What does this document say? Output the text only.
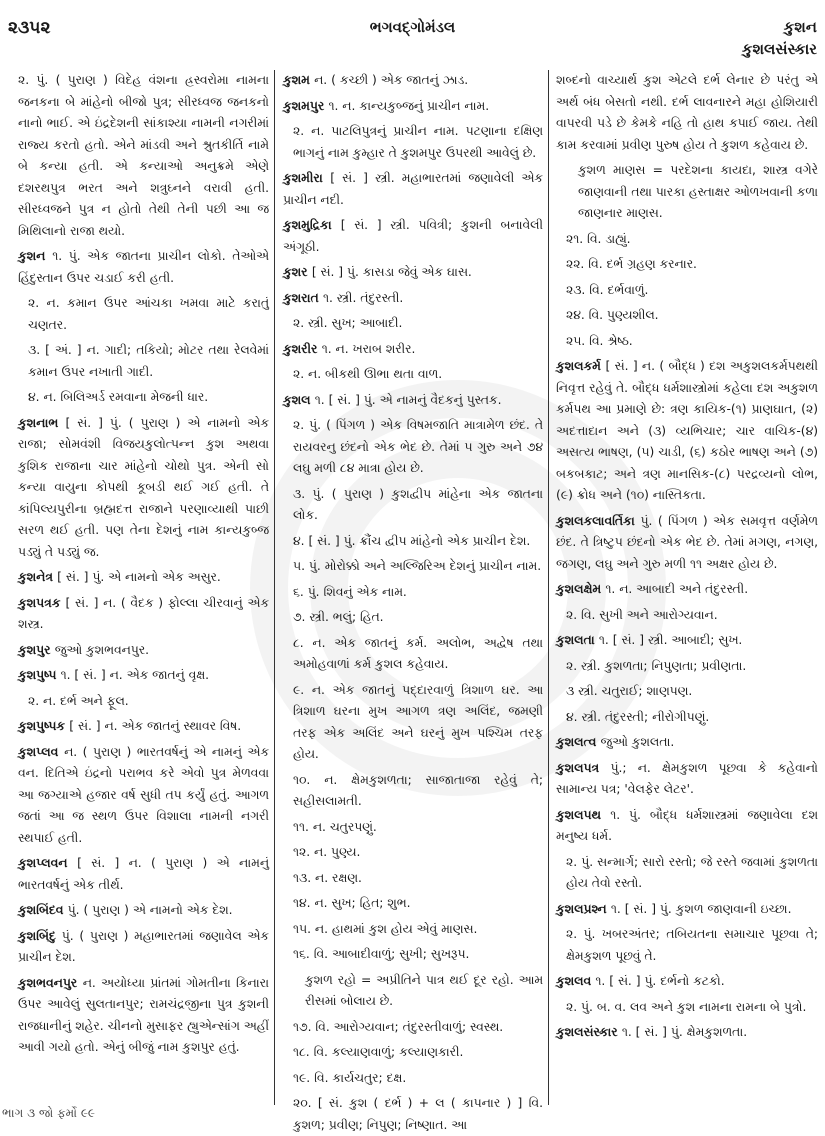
૨૩૫૨	ભગવદ્ગોમંડલ	કુશન
કુશલસંસ્કાર
૨. પું. ( પુરાણ ) વિદેહ વંશના હ્રસ્વરોમા નામના જનકના બે માંહેનો બીજો પુત્ર; સીરધ્વજ જનકનો નાનો ભાઈ. એ ઇંદ્રદેશની સાંકાશ્યા નામની નગરીમાં રાજ્ય કરતો હતો. એને માંડવી અને શ્રુતકીર્તિ નામે બે કન્યા હતી. એ કન્યાઓ અનુક્રમે એણે દશરથપુત્ર ભરત અને શત્રુઘ્નને વરાવી હતી. સીરધ્વજને પુત્ર ન હોતો તેથી તેની પછી આ જ મિથિલાનો રાજા થયો.
કુશન ૧. પું. એક જાતના પ્રાચીન લોકો. તેઓએ હિંદુસ્તાન ઉપર ચડાઈ કરી હતી.
૨. ન. કમાન ઉપર આંચકા ખમવા માટે કરાતું ચણતર.
૩. [ અં. ] ન. ગાદી; તકિયો; મોટર તથા રેલવેમાં કમાન ઉપર નખાતી ગાદી.
૪. ન. બિલિઅર્ડ રમવાના મેજની ધાર.
કુશનાભ [ સં. ] પું. ( પુરાણ ) એ નામનો એક રાજા; સોમવંશી વિજયકુલોત્પન્ન કુશ અથવા કુશિક રાજાના ચાર માંહેનો ચોથો પુત્ર. એની સો કન્યા વાયુના કોપથી કૂબડી થઈ ગઈ હતી. તે કાંપિલ્યપુરીના બ્રહ્મદત્ત રાજાને પરણાવ્યાથી પાછી સરળ થઈ હતી. પણ તેના દેશનું નામ કાન્યકુબ્જ પડ્યું તે પડ્યું જ.
કુશનેત્ર [ સં. ] પું. એ નામનો એક અસુર.
કુશપત્રક [ સં. ] ન. ( વૈદક ) ફોલ્લા ચીરવાનું એક શસ્ત્ર.
કુશપુર જુઓ કુશભવનપુર.
કુશપુષ્પ ૧. [ સં. ] ન. એક જાતનું વૃક્ષ.
૨. ન. દર્ભ અને ફૂલ.
કુશપુષ્પક [ સં. ] ન. એક જાતનું સ્થાવર વિષ.
કુશપ્લવ ન. ( પુરાણ ) ભારતવર્ષનું એ નામનું એક વન. દિતિએ ઇંદ્રનો પરાભવ કરે એવો પુત્ર મેળવવા આ જગ્યાએ હજાર વર્ષ સુધી તપ કર્યું હતું. આગળ જતાં આ જ સ્થળ ઉપર વિશાલા નામની નગરી સ્થપાઈ હતી.
કુશપ્લવન [ સં. ] ન. ( પુરાણ ) એ નામનું ભારતવર્ષનું એક તીર્થ.
કુશબિંદવ પું. ( પુરાણ ) એ નામનો એક દેશ.
કુશબિંદુ પું. ( પુરાણ ) મહાભારતમાં જણાવેલ એક પ્રાચીન દેશ.
કુશભવનપુર ન. અયોધ્યા પ્રાંતમાં ગોમતીના કિનારા ઉપર આવેલું સુલતાનપુર; રામચંદ્રજીના પુત્ર કુશની રાજધાનીનું શહેર. ચીનનો મુસાફર હ્યુએન્સાંગ અહીં આવી ગયો હતો. એનું બીજું નામ કુશપુર હતું.
કુશમ ન. ( કચ્છી ) એક જાતનું ઝાડ.
કુશમપુર ૧. ન. કાન્યકુબ્જનું પ્રાચીન નામ.
૨. ન. પાટલિપુત્રનું પ્રાચીન નામ. પટણાના દક્ષિણ ભાગનું નામ કુમ્હાર તે કુશમપુર ઉપરથી આવેલું છે.
કુશમીરા [ સં. ] સ્ત્રી. મહાભારતમાં જણાવેલી એક પ્રાચીન નદી.
કુશમુદ્રિકા [ સં. ] સ્ત્રી. પવિત્રી; કુશની બનાવેલી અંગૂઠી.
કુશર [ સં. ] પું. કાસડા જેવું એક ઘાસ.
કુશરાત ૧. સ્ત્રી. તંદુરસ્તી.
૨. સ્ત્રી. સુખ; આબાદી.
કુશરીર ૧. ન. ખરાબ શરીર.
૨. ન. બીકથી ઊભા થતા વાળ.
કુશલ ૧. [ સં. ] પું. એ નામનું વૈદકનું પુસ્તક.
૨. પું. ( પિંગળ ) એક વિષમજાતિ માત્રામેળ છંદ. તે રાયવરનુ છંદનો એક ભેદ છે. તેમાં ૫ ગુરુ અને ૭૪ લઘુ મળી ૮૪ માત્રા હોય છે.
૩. પું. ( પુરાણ ) કુશદ્વીપ માંહેના એક જાતના લોક.
૪. [ સં. ] પું. ક્રૌંચ દ્વીપ માંહેનો એક પ્રાચીન દેશ.
૫. પું. મોરોક્કો અને અલ્જિરિઅ દેશનું પ્રાચીન નામ.
૬. પું. શિવનું એક નામ.
૭. સ્ત્રી. ભલું; હિત.
૮. ન. એક જાતનું કર્મ. અલોભ, અદ્વેષ તથા અમોહવાળાં કર્મ કુશલ કહેવાય.
૯. ન. એક જાતનું પદ્દારવાળું ત્રિશાળ ઘર. આ ત્રિશાળ ઘરના મુખ આગળ ત્રણ અલિંદ, જમણી તરફ એક અલિંદ અને ઘરનું મુખ પશ્ચિમ તરફ હોય.
૧૦. ન. ક્ષેમકુશળતા; સાજાતાજા રહેવું તે; સહીસલામતી.
૧૧. ન. ચતુરપણું.
૧૨. ન. પુણ્ય.
૧૩. ન. રક્ષણ.
૧૪. ન. સુખ; હિત; શુભ.
૧૫. ન. હાથમાં કુશ હોય એવું માણસ.
૧૬. વિ. આબાદીવાળું; સુખી; સુખરૂપ.
કુશળ રહો = અપ્રીતિને પાત્ર થઈ દૂર રહો. આમ રીસમાં બોલાય છે.
૧૭. વિ. આરોગ્યવાન; તંદુરસ્તીવાળું; સ્વસ્થ.
૧૮. વિ. કલ્યાણવાળું; કલ્યાણકારી.
૧૯. વિ. કાર્યચતુર; દક્ષ.
૨૦. [ સં. કુશ ( દર્ભ ) + લ ( કાપનાર ) ] વિ. કુશળ; પ્રવીણ; નિપુણ; નિષ્ણાત. આ
શબ્દનો વાચ્યાર્થ કુશ એટલે દર્ભ લેનાર છે પરંતુ એ અર્થ બંધ બેસતો નથી. દર્ભ લાવનારને મહા હોશિયારી વાપરવી પડે છે કેમકે નહિ તો હાથ કપાઈ જાય. તેથી કામ કરવામાં પ્રવીણ પુરુષ હોય તે કુશળ કહેવાય છે.
કુશળ માણસ = પરદેશના કાયદા, શાસ્ત્ર વગેરે જાણવાની તથા પારકા હસ્તાક્ષર ઓળખવાની કળા જાણનાર માણસ.
૨૧. વિ. ડાહ્યું.
૨૨. વિ. દર્ભ ગ્રહણ કરનાર.
૨૩. વિ. દર્ભવાળું.
૨૪. વિ. પુણ્યશીલ.
૨૫. વિ. શ્રેષ્ઠ.
કુશલકર્મ [ સં. ] ન. ( બૌદ્ધ ) દશ અકુશલકર્મપથથી નિવૃત્ત રહેવું તે. બૌદ્ધ ધર્મશાસ્ત્રોમાં કહેલા દશ અકુશળ કર્મપથ આ પ્રમાણે છે: ત્રણ કાયિક-(૧) પ્રાણઘાત, (૨) અદત્તાદાન અને (૩) વ્યભિચાર; ચાર વાચિક-(૪) અસત્ય ભાષણ, (૫) ચાડી, (૬) કઠોર ભાષણ અને (૭) બકબકાટ; અને ત્રણ માનસિક-(૮) પરદ્રવ્યનો લોભ, (૯) ક્રોધ અને (૧૦) નાસ્તિકતા.
કુશલકલાવર્તિકા પું. ( પિંગળ ) એક સમવૃત્ત વર્ણમેળ છંદ. તે ત્રિષ્ટુપ છંદનો એક ભેદ છે. તેમાં મગણ, નગણ, જગણ, લઘુ અને ગુરુ મળી ૧૧ અક્ષર હોય છે.
કુશલક્ષેમ ૧. ન. આબાદી અને તંદુરસ્તી.
૨. વિ. સુખી અને આરોગ્યવાન.
કુશલતા ૧. [ સં. ] સ્ત્રી. આબાદી; સુખ.
૨. સ્ત્રી. કુશળતા; નિપુણતા; પ્રવીણતા.
૩ સ્ત્રી. ચતુરાઈ; શાણપણ.
૪. સ્ત્રી. તંદુરસ્તી; નીરોગીપણું.
કુશલત્વ જુઓ કુશલતા.
કુશલપત્ર પું.; ન. ક્ષેમકુશળ પૂછવા કે કહેવાનો સામાન્ય પત્ર; 'વેલફેર લેટર'.
કુશલપથ ૧. પું. બૌદ્ધ ધર્મશાસ્ત્રમાં જણાવેલા દશ મનુષ્ય ધર્મ.
૨. પું. સન્માર્ગ; સારો રસ્તો; જે રસ્તે જવામાં કુશળતા હોય તેવો રસ્તો.
કુશલપ્રશ્ન ૧. [ સં. ] પું. કુશળ જાણવાની ઇચ્છા.
૨. પું. ખબરઅંતર; તબિયતના સમાચાર પૂછવા તે; ક્ષેમકુશળ પૂછવું તે.
કુશલવ ૧. [ સં. ] પું. દર્ભનો કટકો.
૨. પું. બ. વ. લવ અને કુશ નામના રામના બે પુત્રો.
કુશલસંસ્કાર ૧. [ સં. ] પું. ક્ષેમકુશળતા.
ભાગ ૩ જો ફર્મો ૯૯
